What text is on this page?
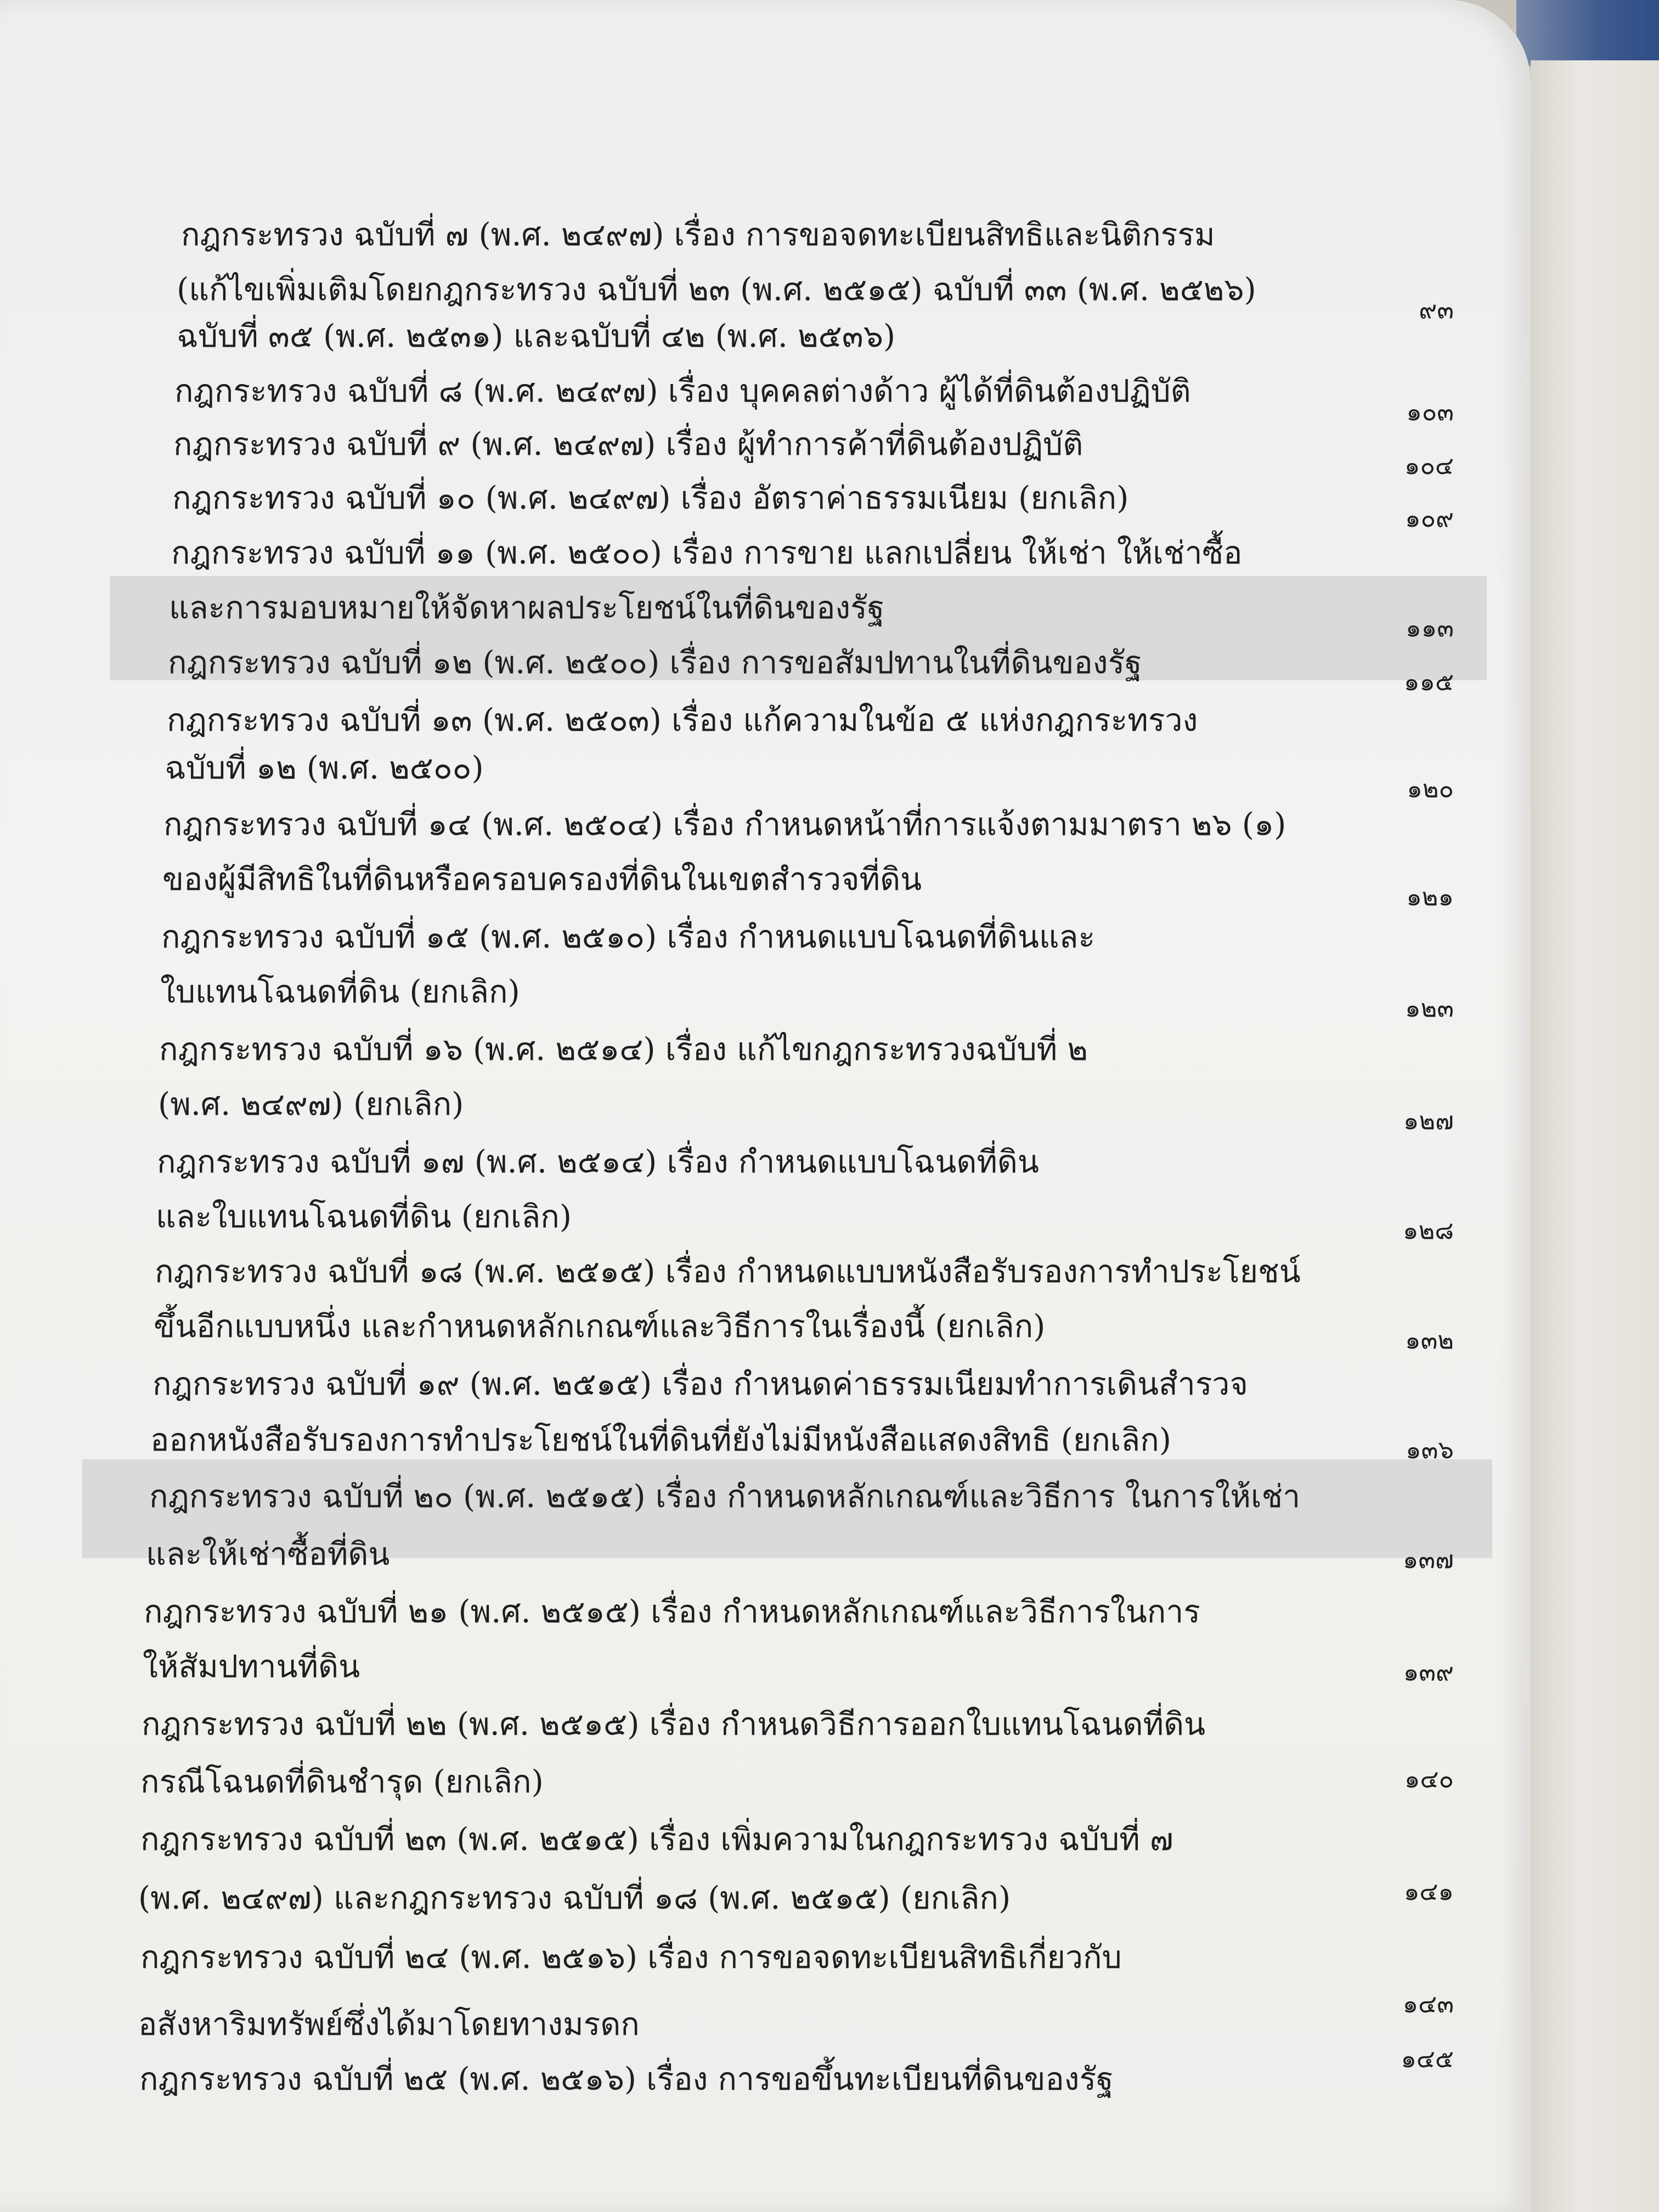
กฎกระทรวง ฉบับที่ ๗ (พ.ศ. ๒๔๙๗) เรื่อง การขอจดทะเบียนสิทธิและนิติกรรม
(แก้ไขเพิ่มเติมโดยกฎกระทรวง ฉบับที่ ๒๓ (พ.ศ. ๒๕๑๕) ฉบับที่ ๓๓ (พ.ศ. ๒๕๒๖)
ฉบับที่ ๓๕ (พ.ศ. ๒๕๓๑) และฉบับที่ ๔๒ (พ.ศ. ๒๕๓๖)
๙๓
กฎกระทรวง ฉบับที่ ๘ (พ.ศ. ๒๔๙๗) เรื่อง บุคคลต่างด้าว ผู้ได้ที่ดินต้องปฏิบัติ
๑๐๓
กฎกระทรวง ฉบับที่ ๙ (พ.ศ. ๒๔๙๗) เรื่อง ผู้ทำการค้าที่ดินต้องปฏิบัติ
๑๐๔
กฎกระทรวง ฉบับที่ ๑๐ (พ.ศ. ๒๔๙๗) เรื่อง อัตราค่าธรรมเนียม (ยกเลิก)
๑๐๙
กฎกระทรวง ฉบับที่ ๑๑ (พ.ศ. ๒๕๐๐) เรื่อง การขาย แลกเปลี่ยน ให้เช่า ให้เช่าซื้อ
และการมอบหมายให้จัดหาผลประโยชน์ในที่ดินของรัฐ
๑๑๓
กฎกระทรวง ฉบับที่ ๑๒ (พ.ศ. ๒๕๐๐) เรื่อง การขอสัมปทานในที่ดินของรัฐ
๑๑๕
กฎกระทรวง ฉบับที่ ๑๓ (พ.ศ. ๒๕๐๓) เรื่อง แก้ความในข้อ ๕ แห่งกฎกระทรวง
ฉบับที่ ๑๒ (พ.ศ. ๒๕๐๐)
๑๒๐
กฎกระทรวง ฉบับที่ ๑๔ (พ.ศ. ๒๕๐๔) เรื่อง กำหนดหน้าที่การแจ้งตามมาตรา ๒๖ (๑)
ของผู้มีสิทธิในที่ดินหรือครอบครองที่ดินในเขตสำรวจที่ดิน	๑๒๑
กฎกระทรวง ฉบับที่ ๑๕ (พ.ศ. ๒๕๑๐) เรื่อง กำหนดแบบโฉนดที่ดินและ
ใบแทนโฉนดที่ดิน (ยกเลิก)	๑๒๓
กฎกระทรวง ฉบับที่ ๑๖ (พ.ศ. ๒๕๑๔) เรื่อง แก้ไขกฎกระทรวงฉบับที่ ๒
(พ.ศ. ๒๔๙๗) (ยกเลิก)	๑๒๗
กฎกระทรวง ฉบับที่ ๑๗ (พ.ศ. ๒๕๑๔) เรื่อง กำหนดแบบโฉนดที่ดิน
และใบแทนโฉนดที่ดิน (ยกเลิก)	๑๒๘
กฎกระทรวง ฉบับที่ ๑๘ (พ.ศ. ๒๕๑๕) เรื่อง กำหนดแบบหนังสือรับรองการทำประโยชน์
ขึ้นอีกแบบหนึ่ง และกำหนดหลักเกณฑ์และวิธีการในเรื่องนี้ (ยกเลิก)	๑๓๒
กฎกระทรวง ฉบับที่ ๑๙ (พ.ศ. ๒๕๑๕) เรื่อง กำหนดค่าธรรมเนียมทำการเดินสำรวจ
ออกหนังสือรับรองการทำประโยชน์ในที่ดินที่ยังไม่มีหนังสือแสดงสิทธิ (ยกเลิก)	๑๓๖
กฎกระทรวง ฉบับที่ ๒๐ (พ.ศ. ๒๕๑๕) เรื่อง กำหนดหลักเกณฑ์และวิธีการ ในการให้เช่า
และให้เช่าซื้อที่ดิน	๑๓๗
กฎกระทรวง ฉบับที่ ๒๑ (พ.ศ. ๒๕๑๕) เรื่อง กำหนดหลักเกณฑ์และวิธีการในการ
ให้สัมปทานที่ดิน	๑๓๙
กฎกระทรวง ฉบับที่ ๒๒ (พ.ศ. ๒๕๑๕) เรื่อง กำหนดวิธีการออกใบแทนโฉนดที่ดิน
กรณีโฉนดที่ดินชำรุด (ยกเลิก)	๑๔๐
กฎกระทรวง ฉบับที่ ๒๓ (พ.ศ. ๒๕๑๕) เรื่อง เพิ่มความในกฎกระทรวง ฉบับที่ ๗
(พ.ศ. ๒๔๙๗) และกฎกระทรวง ฉบับที่ ๑๘ (พ.ศ. ๒๕๑๕) (ยกเลิก)	๑๔๑
กฎกระทรวง ฉบับที่ ๒๔ (พ.ศ. ๒๕๑๖) เรื่อง การขอจดทะเบียนสิทธิเกี่ยวกับ
อสังหาริมทรัพย์ซึ่งได้มาโดยทางมรดก
๑๔๓
กฎกระทรวง ฉบับที่ ๒๕ (พ.ศ. ๒๕๑๖) เรื่อง การขอขึ้นทะเบียนที่ดินของรัฐ
๑๔๕
